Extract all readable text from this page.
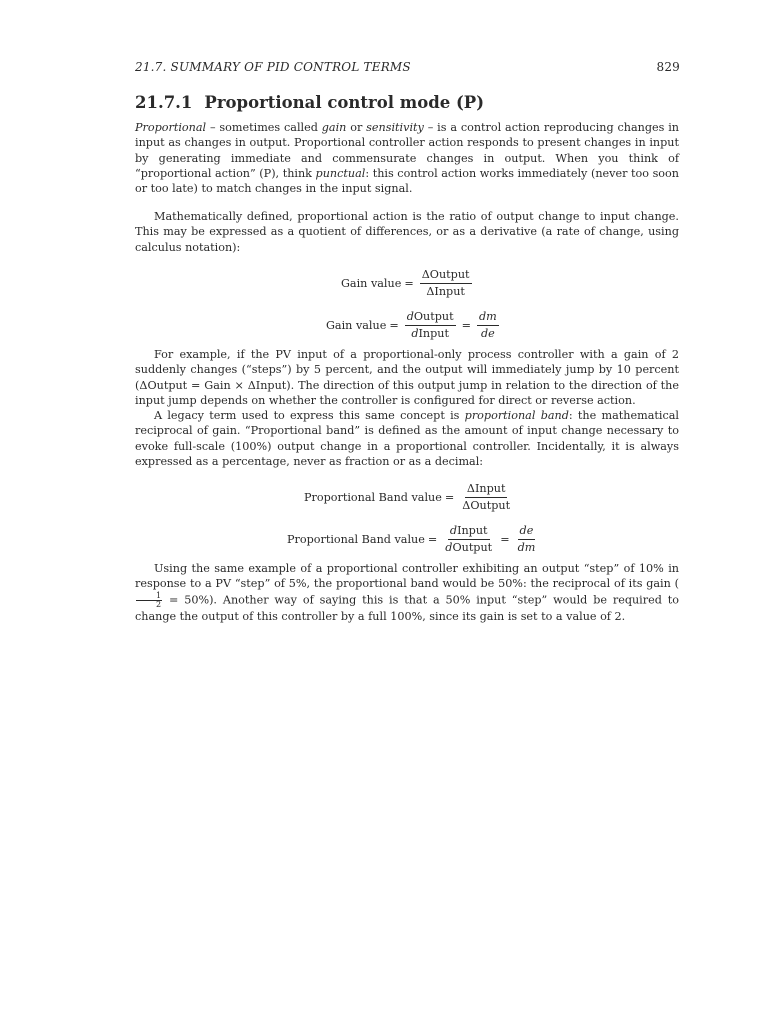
21.7. SUMMARY OF PID CONTROL TERMS	829
21.7.1 Proportional control mode (P)

Proportional – sometimes called gain or sensitivity – is a control action reproducing changes in input as changes in output. Proportional controller action responds to present changes in input by generating immediate and commensurate changes in output. When you think of “proportional action” (P), think punctual: this control action works immediately (never too soon or too late) to match changes in the input signal.

Mathematically defined, proportional action is the ratio of output change to input change. This may be expressed as a quotient of differences, or as a derivative (a rate of change, using calculus notation):

Gain value = $\frac{\text{ΔOutput}}{\text{ΔInput}}$
Gain value = $\frac{\text{dOutput}}{\text{dInput}} = \frac{dm}{de}$

For example, if the PV input of a proportional-only process controller with a gain of 2 suddenly changes (“steps”) by 5 percent, and the output will immediately jump by 10 percent (ΔOutput = Gain × ΔInput). The direction of this output jump in relation to the direction of the input jump depends on whether the controller is configured for direct or reverse action.

A legacy term used to express this same concept is proportional band: the mathematical reciprocal of gain. “Proportional band” is defined as the amount of input change necessary to evoke full-scale (100%) output change in a proportional controller. Incidentally, it is always expressed as a percentage, never as fraction or as a decimal:

Proportional Band value = $\frac{\text{ΔInput}}{\text{ΔOutput}}$
Proportional Band value = $\frac{\text{dInput}}{\text{dOutput}} = \frac{de}{dm}$

Using the same example of a proportional controller exhibiting an output “step” of 10% in response to a PV “step” of 5%, the proportional band would be 50%: the reciprocal of its gain (
$\frac{1}{2} = 50\%$). Another way of saying this is that a 50% input “step” would be required to change the output of this controller by a full 100%, since its gain is set to a value of 2.
